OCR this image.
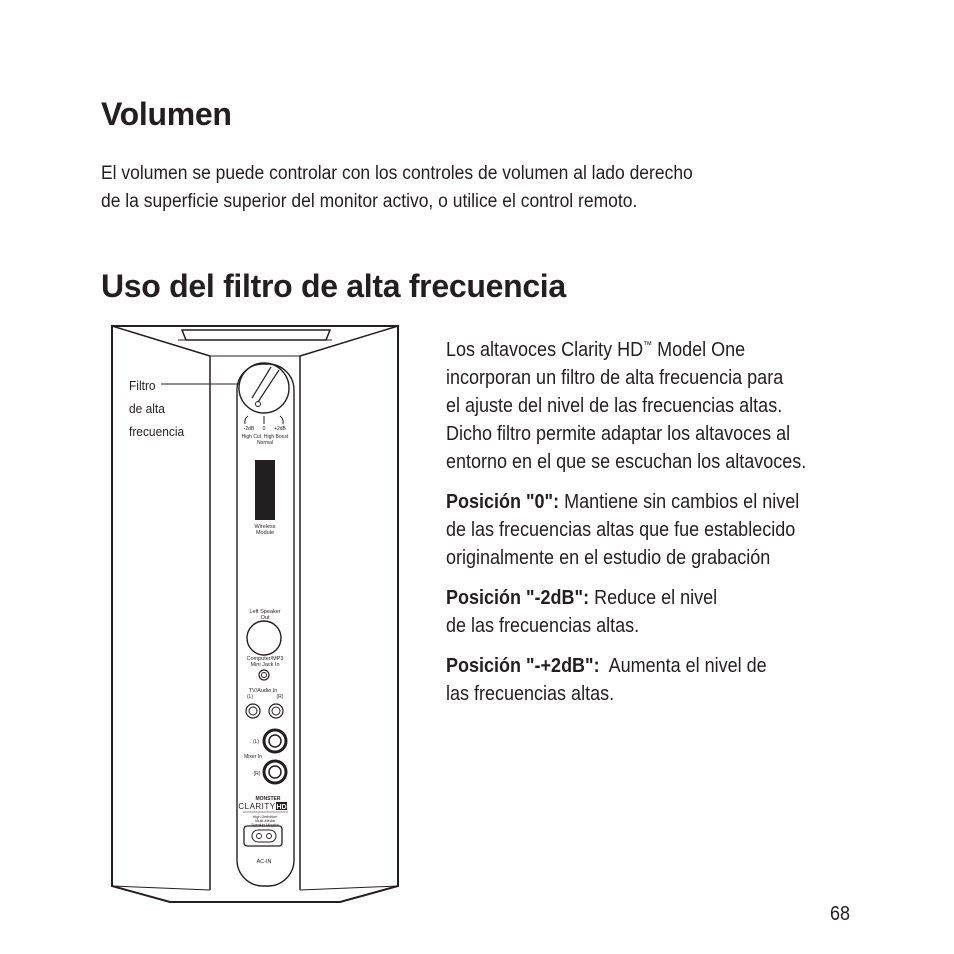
Volumen

El volumen se puede controlar con los controles de volumen al lado derecho
de la superficie superior del monitor activo, o utilice el control remoto.

Uso del filtro de alta frecuencia

Los altavoces Clarity HD™ Model One
incorporan un filtro de alta frecuencia para
el ajuste del nivel de las frecuencias altas.
Dicho filtro permite adaptar los altavoces al
entorno en el que se escuchan los altavoces.

Posición "0": Mantiene sin cambios el nivel
de las frecuencias altas que fue establecido
originalmente en el estudio de grabación

Posición "-2dB": Reduce el nivel
de las frecuencias altas.

Posición "-+2dB":  Aumenta el nivel de
las frecuencias altas.

-2dB 0 +2dB
High Cut  High Boost
Normal
Wireless
Module
Left Speaker
Out
Computer/MP3
Mini Jack In
TV/Audio In
(L)	(R)
(L)
Mixer In
(R)
MONSTER
CLARITY HD
High Definition
Multi-Media
Speaker Monitor
AC-IN
Filtro
de alta
frecuencia
68
